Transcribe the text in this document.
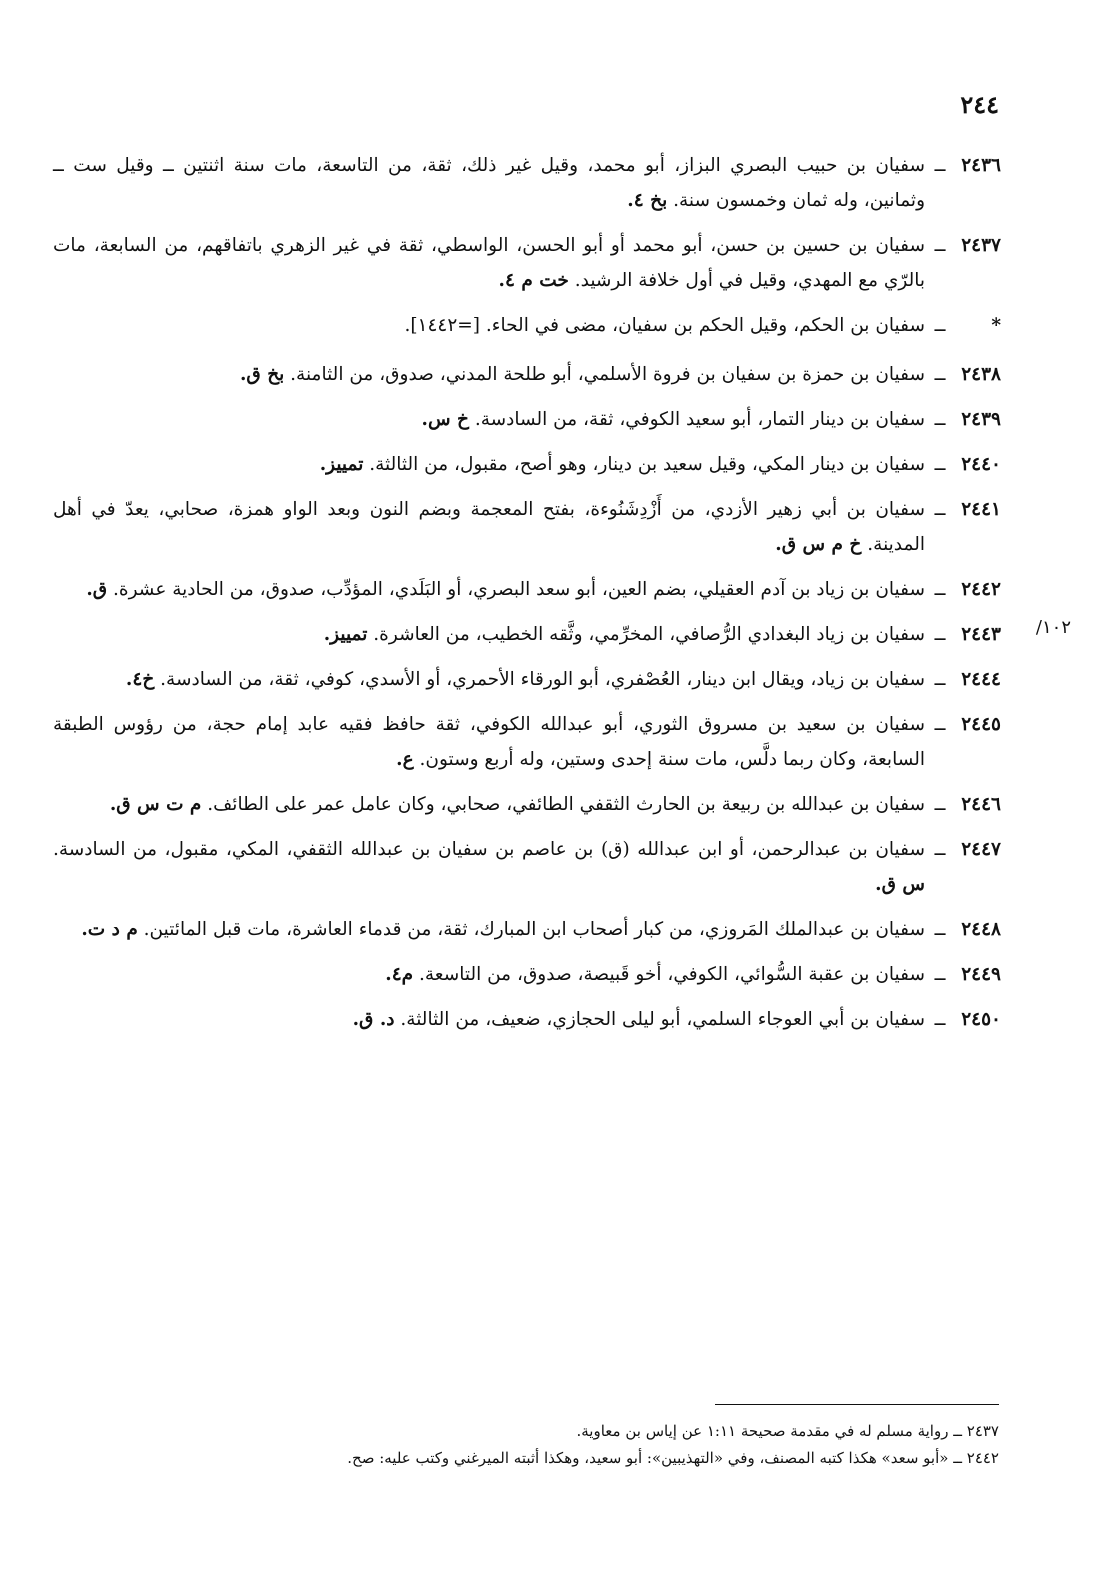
٢٤٤
٢٤٣٦ــسفيان بن حبيب البصري البزاز، أبو محمد، وقيل غير ذلك، ثقة، من التاسعة، مات سنة اثنتين ــ وقيل ست ــ وثمانين، وله ثمان وخمسون سنة. بخ ٤.
٢٤٣٧ــسفيان بن حسين بن حسن، أبو محمد أو أبو الحسن، الواسطي، ثقة في غير الزهري باتفاقهم، من السابعة، مات بالرّي مع المهدي، وقيل في أول خلافة الرشيد. خت م ٤.
*ــسفيان بن الحكم، وقيل الحكم بن سفيان، مضى في الحاء. [=١٤٤٢].
٢٤٣٨ــسفيان بن حمزة بن سفيان بن فروة الأسلمي، أبو طلحة المدني، صدوق، من الثامنة. بخ ق.
٢٤٣٩ــسفيان بن دينار التمار، أبو سعيد الكوفي، ثقة، من السادسة. خ س.
٢٤٤٠ــسفيان بن دينار المكي، وقيل سعيد بن دينار، وهو أصح، مقبول، من الثالثة. تمييز.
٢٤٤١ــسفيان بن أبي زهير الأزدي، من أَزْدِشَنُوءة، بفتح المعجمة وبضم النون وبعد الواو همزة، صحابي، يعدّ في أهل المدينة. خ م س ق.
٢٤٤٢ــسفيان بن زياد بن آدم العقيلي، بضم العين، أبو سعد البصري، أو البَلَدي، المؤدِّب، صدوق، من الحادية عشرة. ق.
١٠٢/
٢٤٤٣ــسفيان بن زياد البغدادي الرُّصافي، المخرِّمي، وثَّقه الخطيب، من العاشرة. تمييز.
٢٤٤٤ــسفيان بن زياد، ويقال ابن دينار، العُصْفري، أبو الورقاء الأحمري، أو الأسدي، كوفي، ثقة، من السادسة. خ٤.
٢٤٤٥ــسفيان بن سعيد بن مسروق الثوري، أبو عبدالله الكوفي، ثقة حافظ فقيه عابد إمام حجة، من رؤوس الطبقة السابعة، وكان ربما دلَّس، مات سنة إحدى وستين، وله أربع وستون. ع.
٢٤٤٦ــسفيان بن عبدالله بن ربيعة بن الحارث الثقفي الطائفي، صحابي، وكان عامل عمر على الطائف. م ت س ق.
٢٤٤٧ــسفيان بن عبدالرحمن، أو ابن عبدالله (ق) بن عاصم بن سفيان بن عبدالله الثقفي، المكي، مقبول، من السادسة. س ق.
٢٤٤٨ــسفيان بن عبدالملك المَروزي، من كبار أصحاب ابن المبارك، ثقة، من قدماء العاشرة، مات قبل المائتين. م د ت.
٢٤٤٩ــسفيان بن عقبة السُّوائي، الكوفي، أخو قَبيصة، صدوق، من التاسعة. م٤.
٢٤٥٠ــسفيان بن أبي العوجاء السلمي، أبو ليلى الحجازي، ضعيف، من الثالثة. د. ق.

٢٤٣٧ ــ رواية مسلم له في مقدمة صحيحة ١:١١ عن إياس بن معاوية.

٢٤٤٢ ــ «أبو سعد» هكذا كتبه المصنف، وفي «التهذيبين»: أبو سعيد، وهكذا أثبته الميرغني وكتب عليه: صح.
